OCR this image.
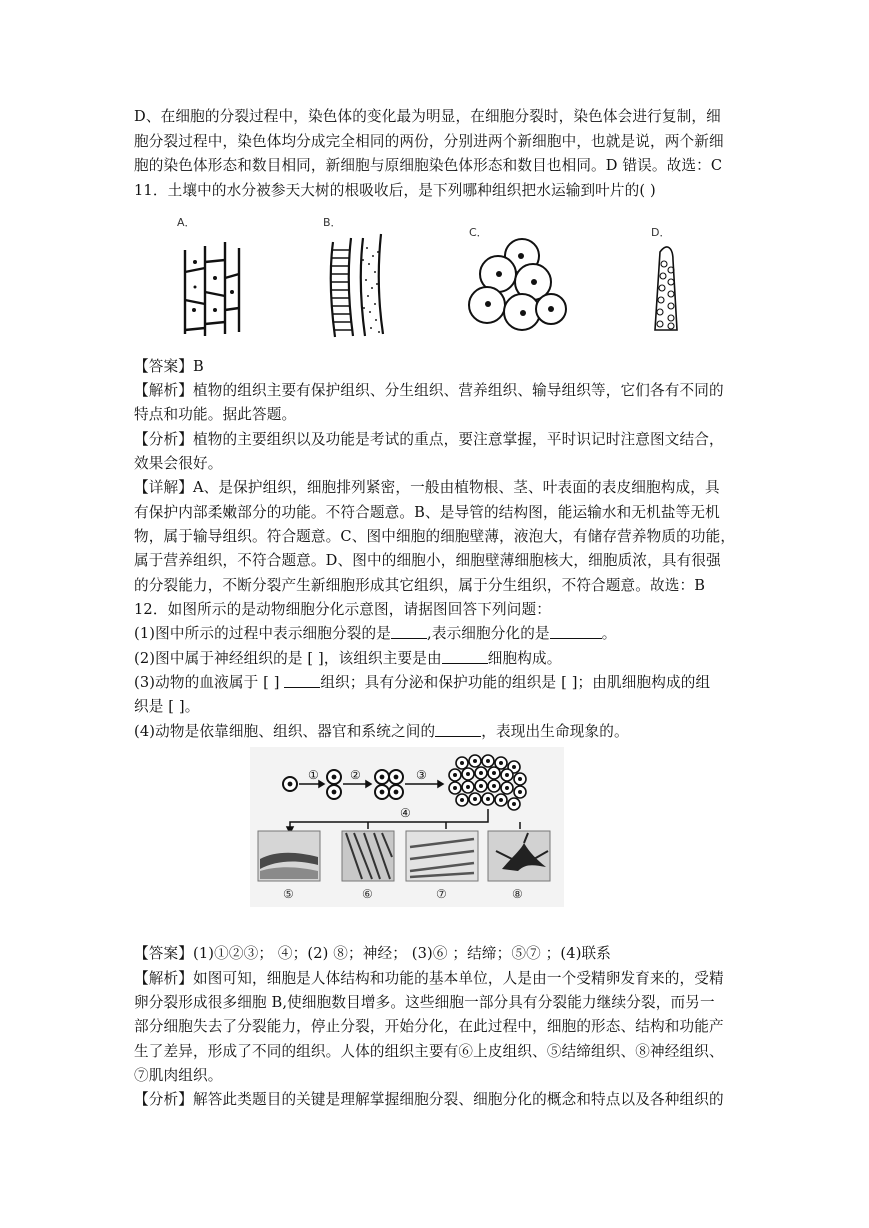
D、在细胞的分裂过程中，染色体的变化最为明显，在细胞分裂时，染色体会进行复制，细
胞分裂过程中，染色体均分成完全相同的两份，分别进两个新细胞中，也就是说，两个新细
胞的染色体形态和数目相同，新细胞与原细胞染色体形态和数目也相同。D 错误。故选：C
11．土壤中的水分被参天大树的根吸收后，是下列哪种组织把水运输到叶片的( )
A．	B．
C．	D．
【答案】B
【解析】植物的组织主要有保护组织、分生组织、营养组织、输导组织等，它们各有不同的
特点和功能。据此答题。
【分析】植物的主要组织以及功能是考试的重点，要注意掌握，平时识记时注意图文结合，
效果会很好。
【详解】A、是保护组织，细胞排列紧密，一般由植物根、茎、叶表面的表皮细胞构成，具
有保护内部柔嫩部分的功能。不符合题意。B、是导管的结构图，能运输水和无机盐等无机
物，属于输导组织。符合题意。C、图中细胞的细胞壁薄，液泡大，有储存营养物质的功能，
属于营养组织，不符合题意。D、图中的细胞小，细胞壁薄细胞核大，细胞质浓，具有很强
的分裂能力，不断分裂产生新细胞形成其它组织，属于分生组织，不符合题意。故选：B
12．如图所示的是动物细胞分化示意图，请据图回答下列问题：
(1)图中所示的过程中表示细胞分裂的是 ,表示细胞分化的是	。
(2)图中属于神经组织的是 [ ]，该组织主要是由	细胞构成。
(3)动物的血液属于 [ ] 组织；具有分泌和保护功能的组织是 [ ]；由肌细胞构成的组
织是 [ ]。
(4)动物是依靠细胞、组织、器官和系统之间的	，表现出生命现象的。
①	②	③
④
⑤	⑥	⑦	⑧
【答案】(1)①②③； ④；(2) ⑧；神经； (3)⑥ ；结缔；⑤⑦ ；(4)联系
【解析】如图可知，细胞是人体结构和功能的基本单位，人是由一个受精卵发育来的，受精
卵分裂形成很多细胞 B,使细胞数目增多。这些细胞一部分具有分裂能力继续分裂，而另一
部分细胞失去了分裂能力，停止分裂，开始分化，在此过程中，细胞的形态、结构和功能产
生了差异，形成了不同的组织。人体的组织主要有⑥上皮组织、⑤结缔组织、⑧神经组织、
⑦肌肉组织。
【分析】解答此类题目的关键是理解掌握细胞分裂、细胞分化的概念和特点以及各种组织的
